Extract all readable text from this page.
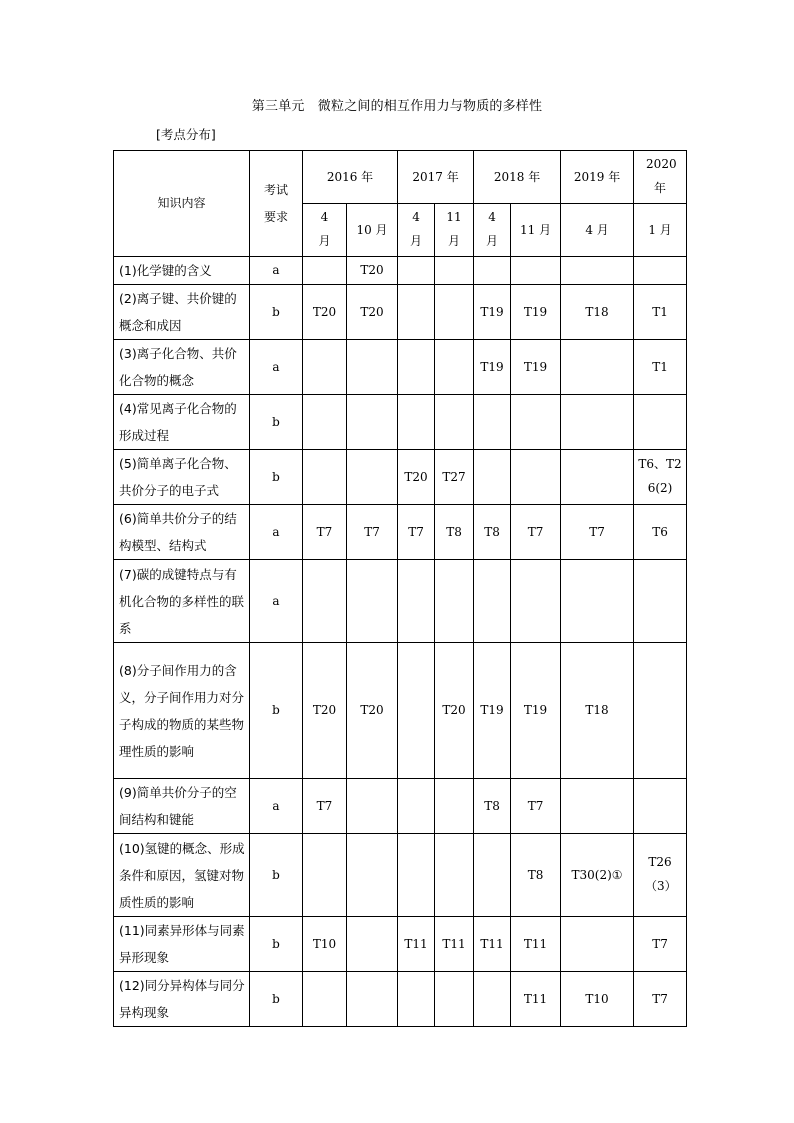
第三单元　微粒之间的相互作用力与物质的多样性
[考点分布]
知识内容	考试要求	2016 年		2017 年		2018 年		2019 年	2020 年
		4 月	10 月	4 月	11 月	4 月	11 月	4 月	1 月
(1)化学键的含义	a		T20						
(2)离子键、共价键的概念和成因	b	T20	T20			T19	T19	T18	T1
(3)离子化合物、共价化合物的概念	a					T19	T19		T1
(4)常见离子化合物的形成过程	b								
(5)简单离子化合物、共价分子的电子式	b			T20	T27				T6、T26(2)
(6)简单共价分子的结构模型、结构式	a	T7	T7	T7	T8	T8	T7	T7	T6
(7)碳的成键特点与有机化合物的多样性的联系	a								
(8)分子间作用力的含义，分子间作用力对分子构成的物质的某些物理性质的影响	b	T20	T20		T20	T19	T19	T18	
(9)简单共价分子的空间结构和键能	a	T7				T8	T7		
(10)氢键的概念、形成条件和原因，氢键对物质性质的影响	b						T8	T30(2)①	T26（3）
(11)同素异形体与同素异形现象	b	T10		T11	T11	T11	T11		T7
(12)同分异构体与同分异构现象	b						T11	T10	T7
